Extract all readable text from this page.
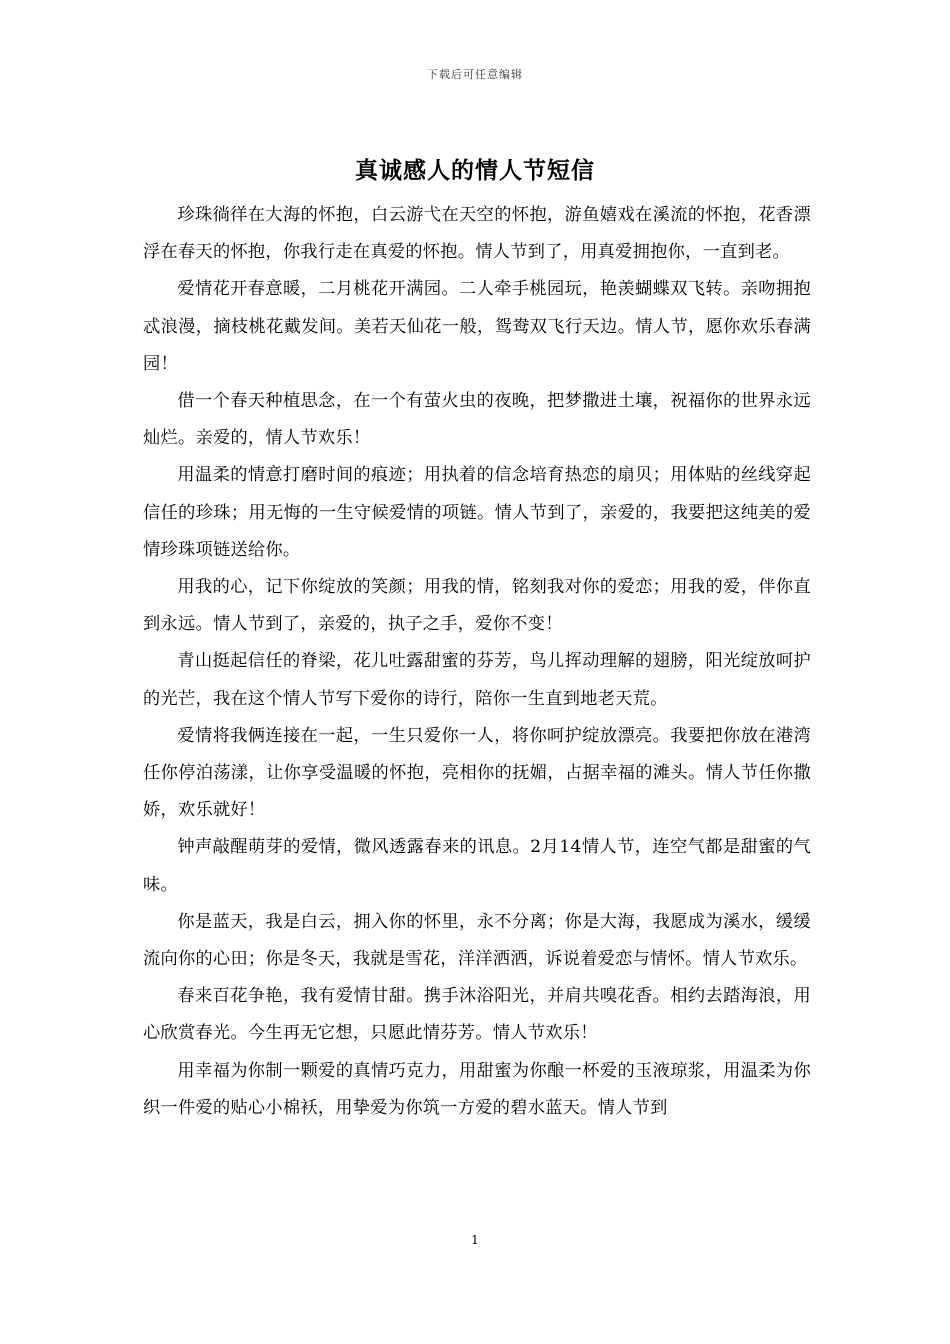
下载后可任意编辑
真诚感人的情人节短信

珍珠徜徉在大海的怀抱，白云游弋在天空的怀抱，游鱼嬉戏在溪流的怀抱，花香漂浮在春天的怀抱，你我行走在真爱的怀抱。情人节到了，用真爱拥抱你，一直到老。

爱情花开春意暖，二月桃花开满园。二人牵手桃园玩，艳羡蝴蝶双飞转。亲吻拥抱忒浪漫，摘枝桃花戴发间。美若天仙花一般，鸳鸯双飞行天边。情人节，愿你欢乐春满园！

借一个春天种植思念，在一个有萤火虫的夜晚，把梦撒进土壤，祝福你的世界永远灿烂。亲爱的，情人节欢乐！

用温柔的情意打磨时间的痕迹；用执着的信念培育热恋的扇贝；用体贴的丝线穿起信任的珍珠；用无悔的一生守候爱情的项链。情人节到了，亲爱的，我要把这纯美的爱情珍珠项链送给你。

用我的心，记下你绽放的笑颜；用我的情，铭刻我对你的爱恋；用我的爱，伴你直到永远。情人节到了，亲爱的，执子之手，爱你不变！

青山挺起信任的脊梁，花儿吐露甜蜜的芬芳，鸟儿挥动理解的翅膀，阳光绽放呵护的光芒，我在这个情人节写下爱你的诗行，陪你一生直到地老天荒。

爱情将我俩连接在一起，一生只爱你一人，将你呵护绽放漂亮。我要把你放在港湾任你停泊荡漾，让你享受温暖的怀抱，亮相你的抚媚，占据幸福的滩头。情人节任你撒娇，欢乐就好！

钟声敲醒萌芽的爱情，微风透露春来的讯息。2月14情人节，连空气都是甜蜜的气味。

你是蓝天，我是白云，拥入你的怀里，永不分离；你是大海，我愿成为溪水，缓缓流向你的心田；你是冬天，我就是雪花，洋洋洒洒，诉说着爱恋与情怀。情人节欢乐。

春来百花争艳，我有爱情甘甜。携手沐浴阳光，并肩共嗅花香。相约去踏海浪，用心欣赏春光。今生再无它想，只愿此情芬芳。情人节欢乐！

用幸福为你制一颗爱的真情巧克力，用甜蜜为你酿一杯爱的玉液琼浆，用温柔为你织一件爱的贴心小棉袄，用挚爱为你筑一方爱的碧水蓝天。情人节到

1
